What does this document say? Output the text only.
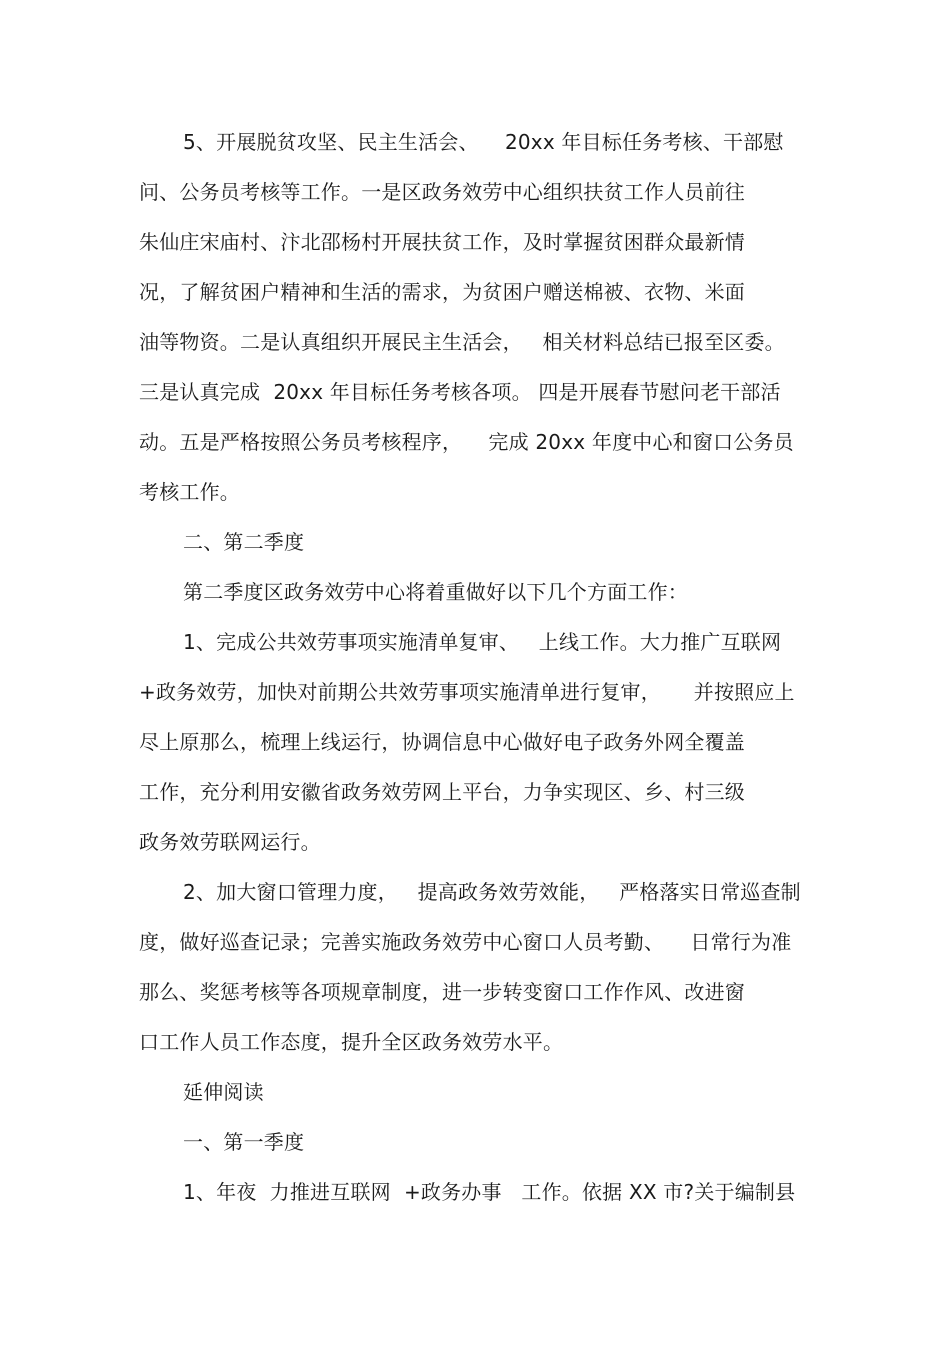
5、开展脱贫攻坚、民主生活会、    20xx 年目标任务考核、干部慰
问、公务员考核等工作。一是区政务效劳中心组织扶贫工作人员前往
朱仙庄宋庙村、汴北邵杨村开展扶贫工作，及时掌握贫困群众最新情
况，了解贫困户精神和生活的需求，为贫困户赠送棉被、衣物、米面
油等物资。二是认真组织开展民主生活会，   相关材料总结已报至区委。
三是认真完成  20xx 年目标任务考核各项。 四是开展春节慰问老干部活
动。五是严格按照公务员考核程序，    完成 20xx 年度中心和窗口公务员
考核工作。
二、第二季度
第二季度区政务效劳中心将着重做好以下几个方面工作：
1、完成公共效劳事项实施清单复审、   上线工作。大力推广互联网
+政务效劳，加快对前期公共效劳事项实施清单进行复审，     并按照应上
尽上原那么，梳理上线运行，协调信息中心做好电子政务外网全覆盖
工作，充分利用安徽省政务效劳网上平台，力争实现区、乡、村三级
政务效劳联网运行。
2、加大窗口管理力度，   提高政务效劳效能，   严格落实日常巡查制
度，做好巡查记录；完善实施政务效劳中心窗口人员考勤、    日常行为准
那么、奖惩考核等各项规章制度，进一步转变窗口工作作风、改进窗
口工作人员工作态度，提升全区政务效劳水平。
延伸阅读
一、第一季度
1、年夜  力推进互联网  +政务办事   工作。依据 XX 市?关于编制县
